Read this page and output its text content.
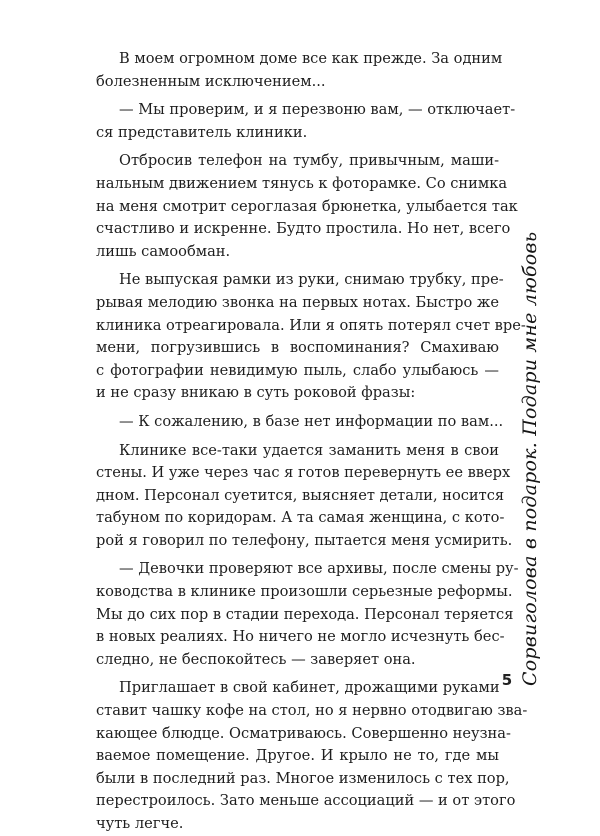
В моем огромном доме все как прежде. За одним
болезненным исключением...
— Мы проверим, и я перезвоню вам, — отключает-
ся представитель клиники.
Отбросив телефон на тумбу, привычным, маши-
нальным движением тянусь к фоторамке. Со снимка
на меня смотрит сероглазая брюнетка, улыбается так
счастливо и искренне. Будто простила. Но нет, всего
лишь самообман.
Не выпуская рамки из руки, снимаю трубку, пре-
рывая мелодию звонка на первых нотах. Быстро же
клиника отреагировала. Или я опять потерял счет вре-
мени, погрузившись в воспоминания? Смахиваю
с фотографии невидимую пыль, слабо улыбаюсь —
и не сразу вникаю в суть роковой фразы:
— К сожалению, в базе нет информации по вам...
Клинике все-таки удается заманить меня в свои
стены. И уже через час я готов перевернуть ее вверх
дном. Персонал суетится, выясняет детали, носится
табуном по коридорам. А та самая женщина, с кото-
рой я говорил по телефону, пытается меня усмирить.
— Девочки проверяют все архивы, после смены ру-
ководства в клинике произошли серьезные реформы.
Мы до сих пор в стадии перехода. Персонал теряется
в новых реалиях. Но ничего не могло исчезнуть бес-
следно, не беспокойтесь — заверяет она.
Приглашает в свой кабинет, дрожащими руками
ставит чашку кофе на стол, но я нервно отодвигаю зва-
кающее блюдце. Осматриваюсь. Совершенно неузна-
ваемое помещение. Другое. И крыло не то, где мы
были в последний раз. Многое изменилось с тех пор,
перестроилось. Зато меньше ассоциаций — и от этого
чуть легче.
Сорвиголова в подарок. Подари мне любовь
5
